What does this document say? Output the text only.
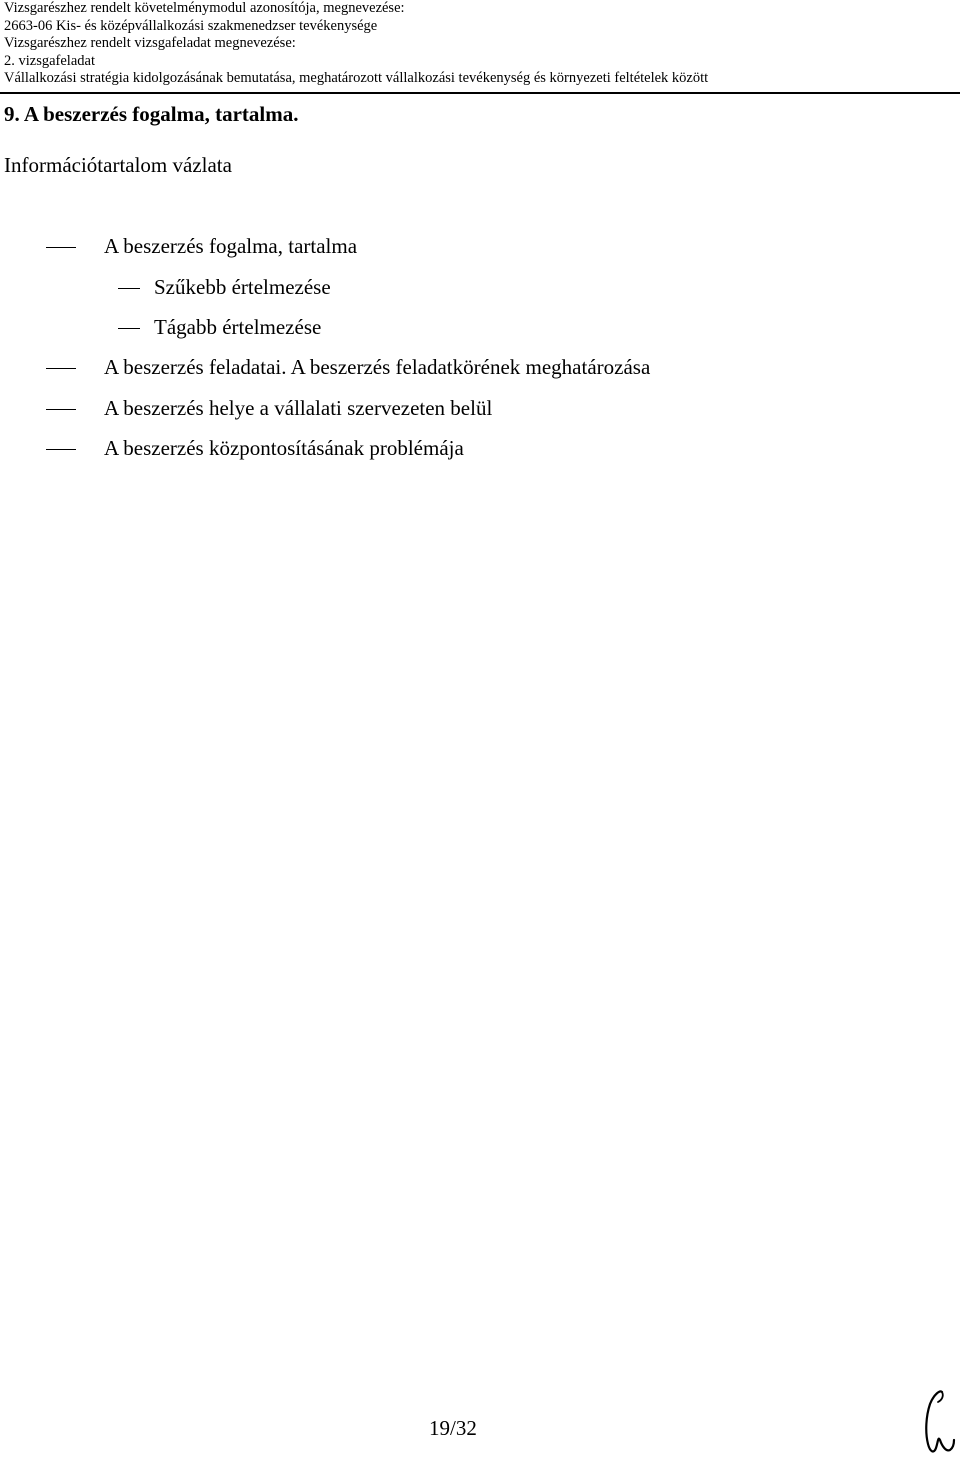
Vizsgarészhez rendelt követelménymodul azonosítója, megnevezése:
2663-06 Kis- és középvállalkozási szakmenedzser tevékenysége
Vizsgarészhez rendelt vizsgafeladat megnevezése:
2. vizsgafeladat
Vállalkozási stratégia kidolgozásának bemutatása, meghatározott vállalkozási tevékenység és környezeti feltételek között
9. A beszerzés fogalma, tartalma.
Információtartalom vázlata
A beszerzés fogalma, tartalma
Szűkebb értelmezése
Tágabb értelmezése
A beszerzés feladatai. A beszerzés feladatkörének meghatározása
A beszerzés helye a vállalati szervezeten belül
A beszerzés központosításának problémája
19/32
